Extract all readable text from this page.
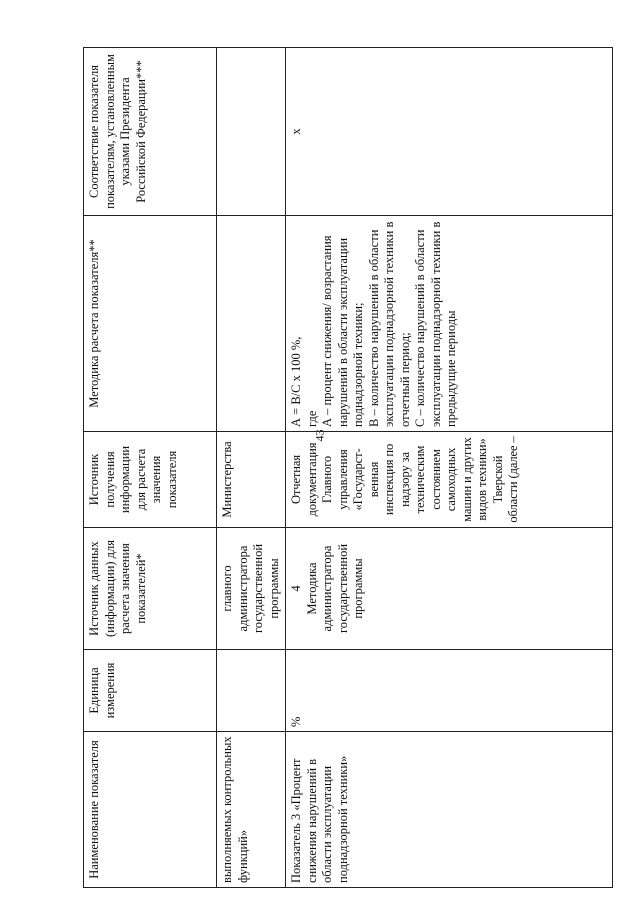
43
Наименование показателя	Единица измерения	Источник данных (информации) для расчета значения показателей*	Источник получения информации для расчета значения показателя	Методика расчета показателя**	Соответствие показателя показателям, установленным указами Президента Российской Федерации***
выполняемых контрольных функций»		главного администратора государственной программы	Министерства		
Показатель 3 «Процент снижения нарушений в области эксплуатации поднадзорной техники»	%	4 Методика администратора государственной программы	Отчетная документация Главного управления «Государст-венная инспекция по надзору за техническим состоянием самоходных машин и других видов техники» Тверской области (далее –	А = В/С х 100 %, где А – процент снижения/ возрастания нарушений в области эксплуатации поднадзорной техники; В – количество нарушений в области эксплуатации поднадзорной техники в отчетный период; С – количество нарушений в области эксплуатации поднадзорной техники в предыдущие периоды	х
